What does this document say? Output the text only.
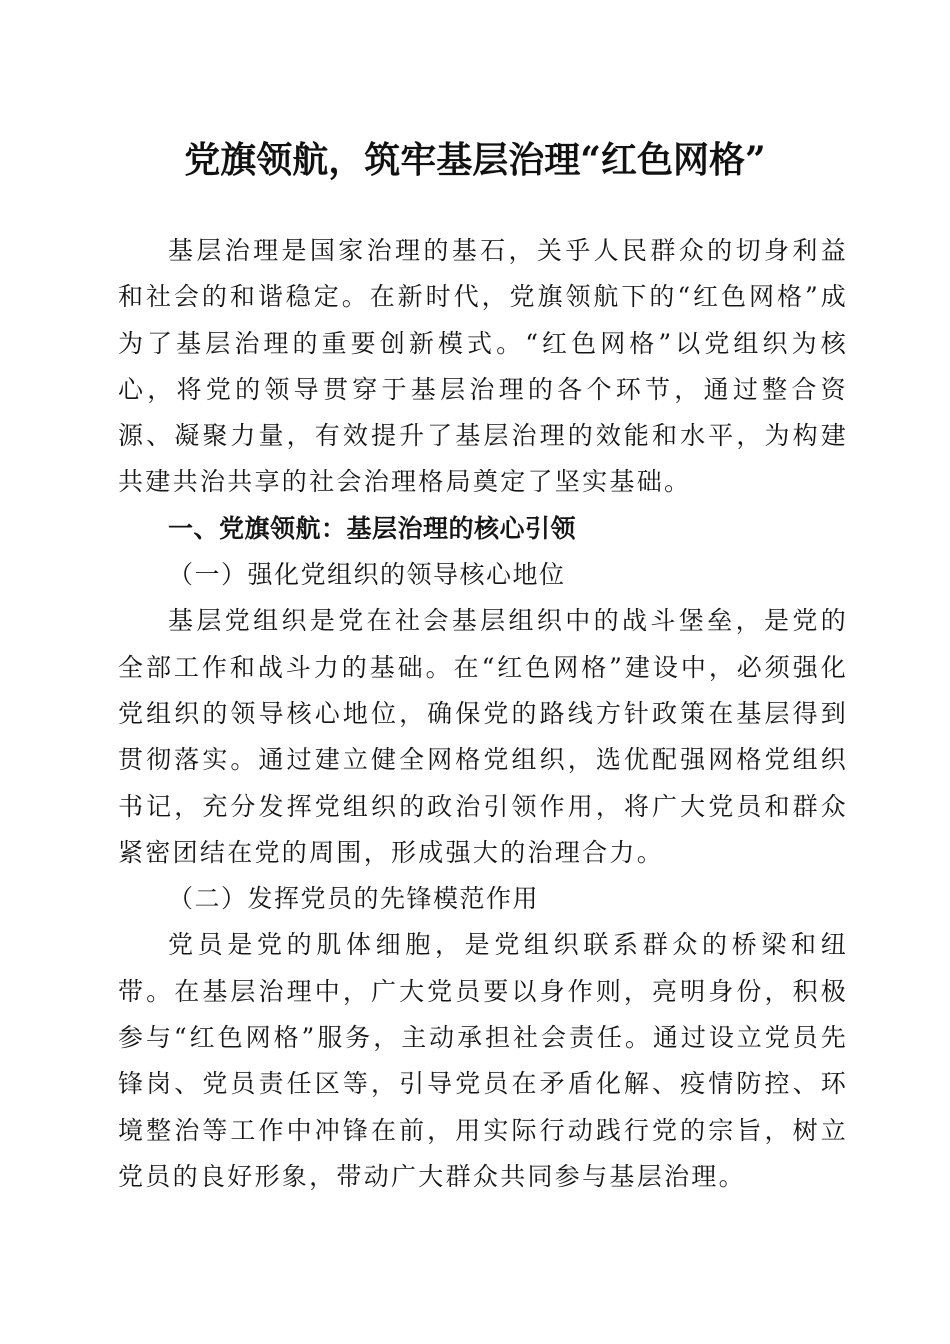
党旗领航，筑牢基层治理“红色网格”

基层治理是国家治理的基石，关乎人民群众的切身利益和社会的和谐稳定。在新时代，党旗领航下的“红色网格”成为了基层治理的重要创新模式。“红色网格”以党组织为核心，将党的领导贯穿于基层治理的各个环节，通过整合资源、凝聚力量，有效提升了基层治理的效能和水平，为构建共建共治共享的社会治理格局奠定了坚实基础。

一、党旗领航：基层治理的核心引领

（一）强化党组织的领导核心地位

基层党组织是党在社会基层组织中的战斗堡垒，是党的全部工作和战斗力的基础。在“红色网格”建设中，必须强化党组织的领导核心地位，确保党的路线方针政策在基层得到贯彻落实。通过建立健全网格党组织，选优配强网格党组织书记，充分发挥党组织的政治引领作用，将广大党员和群众紧密团结在党的周围，形成强大的治理合力。

（二）发挥党员的先锋模范作用

党员是党的肌体细胞，是党组织联系群众的桥梁和纽带。在基层治理中，广大党员要以身作则，亮明身份，积极参与“红色网格”服务，主动承担社会责任。通过设立党员先锋岗、党员责任区等，引导党员在矛盾化解、疫情防控、环境整治等工作中冲锋在前，用实际行动践行党的宗旨，树立党员的良好形象，带动广大群众共同参与基层治理。
